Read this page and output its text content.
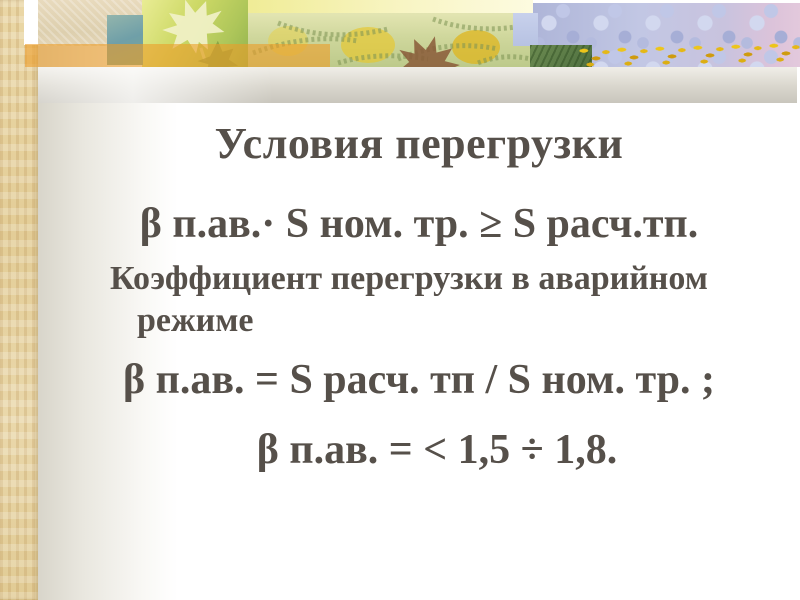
Условия перегрузки
β п.ав.· S ном. тр. ≥ S расч.тп.
Коэффициент перегрузки в аварийном режиме
β п.ав. = S расч. тп / S ном. тр. ;
β п.ав. = < 1,5 ÷ 1,8.
